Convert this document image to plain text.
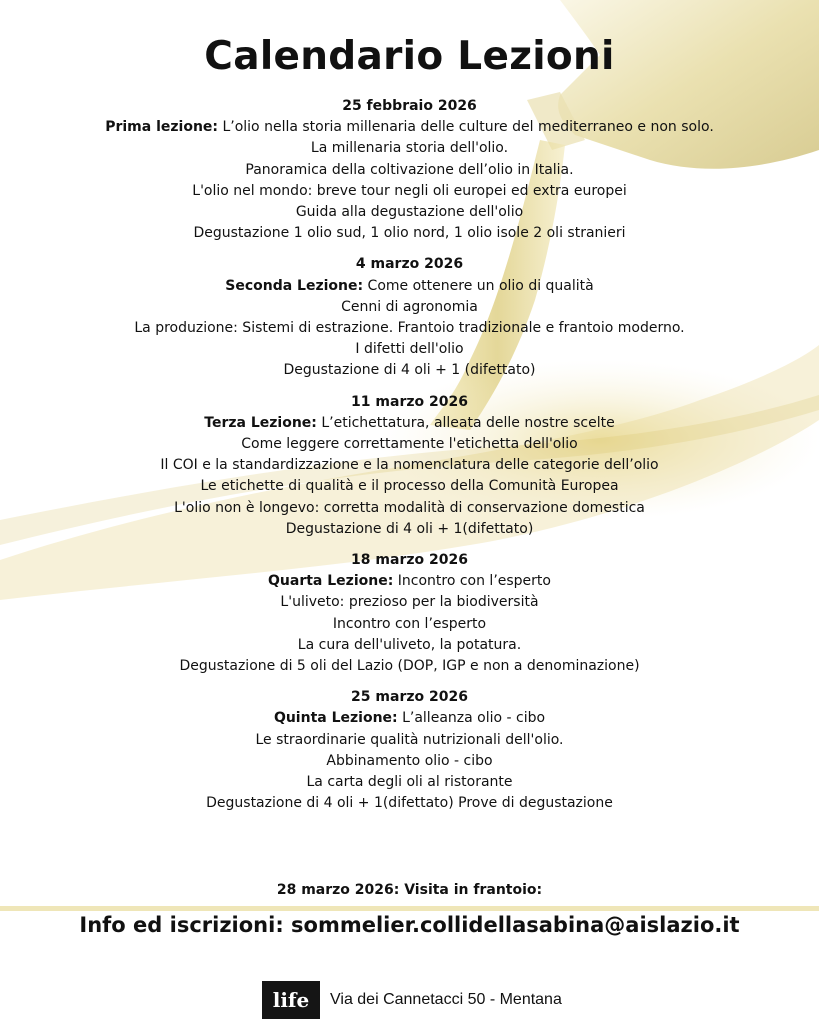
Calendario Lezioni
25 febbraio 2026
Prima lezione: L’olio nella storia millenaria delle culture del mediterraneo e non solo.
La millenaria storia dell'olio.
Panoramica della coltivazione dell’olio in Italia.
L'olio nel mondo: breve tour negli oli europei ed extra europei
Guida alla degustazione dell'olio
Degustazione 1 olio sud, 1 olio nord, 1 olio isole 2 oli stranieri
4 marzo 2026
Seconda Lezione: Come ottenere un olio di qualità
Cenni di agronomia
La produzione: Sistemi di estrazione. Frantoio tradizionale e frantoio moderno.
I difetti dell'olio
Degustazione di 4 oli + 1 (difettato)
11 marzo 2026
Terza Lezione: L’etichettatura, alleata delle nostre scelte
Come leggere correttamente l'etichetta dell'olio
Il COI e la standardizzazione e la nomenclatura delle categorie dell’olio
Le etichette di qualità e il processo della Comunità Europea
L'olio non è longevo: corretta modalità di conservazione domestica
Degustazione di 4 oli + 1(difettato)
18 marzo 2026
Quarta Lezione: Incontro con l’esperto
L'uliveto: prezioso per la biodiversità
Incontro con l’esperto
La cura dell'uliveto, la potatura.
Degustazione di 5 oli del Lazio (DOP, IGP e non a denominazione)
25 marzo 2026
Quinta Lezione: L’alleanza olio - cibo
Le straordinarie qualità nutrizionali dell'olio.
Abbinamento olio - cibo
La carta degli oli al ristorante
Degustazione di 4 oli + 1(difettato) Prove di degustazione
28 marzo 2026: Visita in frantoio:
Info ed iscrizioni: sommelier.collidellasabina@aislazio.it
life	Via dei Cannetacci 50 - Mentana
